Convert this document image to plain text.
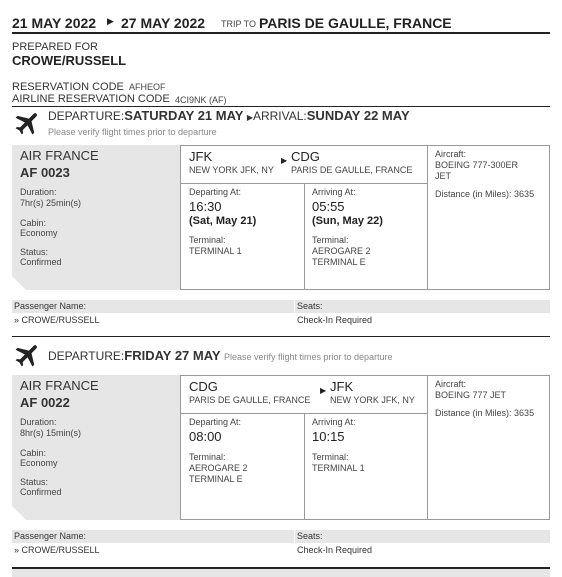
21 MAY 2022 ▶ 27 MAY 2022 TRIP TO PARIS DE GAULLE, FRANCE
PREPARED FOR
CROWE/RUSSELL
RESERVATION CODE AFHEOF
AIRLINE RESERVATION CODE 4CI9NK (AF)
DEPARTURE:SATURDAY 21 MAY ▶ARRIVAL:SUNDAY 22 MAY
Please verify flight times prior to departure
AIR FRANCE
AF 0023
Duration:
7hr(s) 25min(s)
Cabin:
Economy
Status:
Confirmed
JFK
NEW YORK JFK, NY
▶ CDG
PARIS DE GAULLE, FRANCE
Departing At:
16:30
(Sat, May 21)
Terminal:
TERMINAL 1
Arriving At:
05:55
(Sun, May 22)
Terminal:
AEROGARE 2
TERMINAL E
Aircraft:
BOEING 777-300ER
JET
Distance (in Miles): 3635
Passenger Name:	Seats:
» CROWE/RUSSELL	Check-In Required
DEPARTURE:FRIDAY 27 MAY Please verify flight times prior to departure
AIR FRANCE
AF 0022
Duration:
8hr(s) 15min(s)
Cabin:
Economy
Status:
Confirmed
CDG
PARIS DE GAULLE, FRANCE
▶ JFK
NEW YORK JFK, NY
Departing At:
08:00
Terminal:
AEROGARE 2
TERMINAL E
Arriving At:
10:15
Terminal:
TERMINAL 1
Aircraft:
BOEING 777 JET
Distance (in Miles): 3635
Passenger Name:	Seats:
» CROWE/RUSSELL	Check-In Required
